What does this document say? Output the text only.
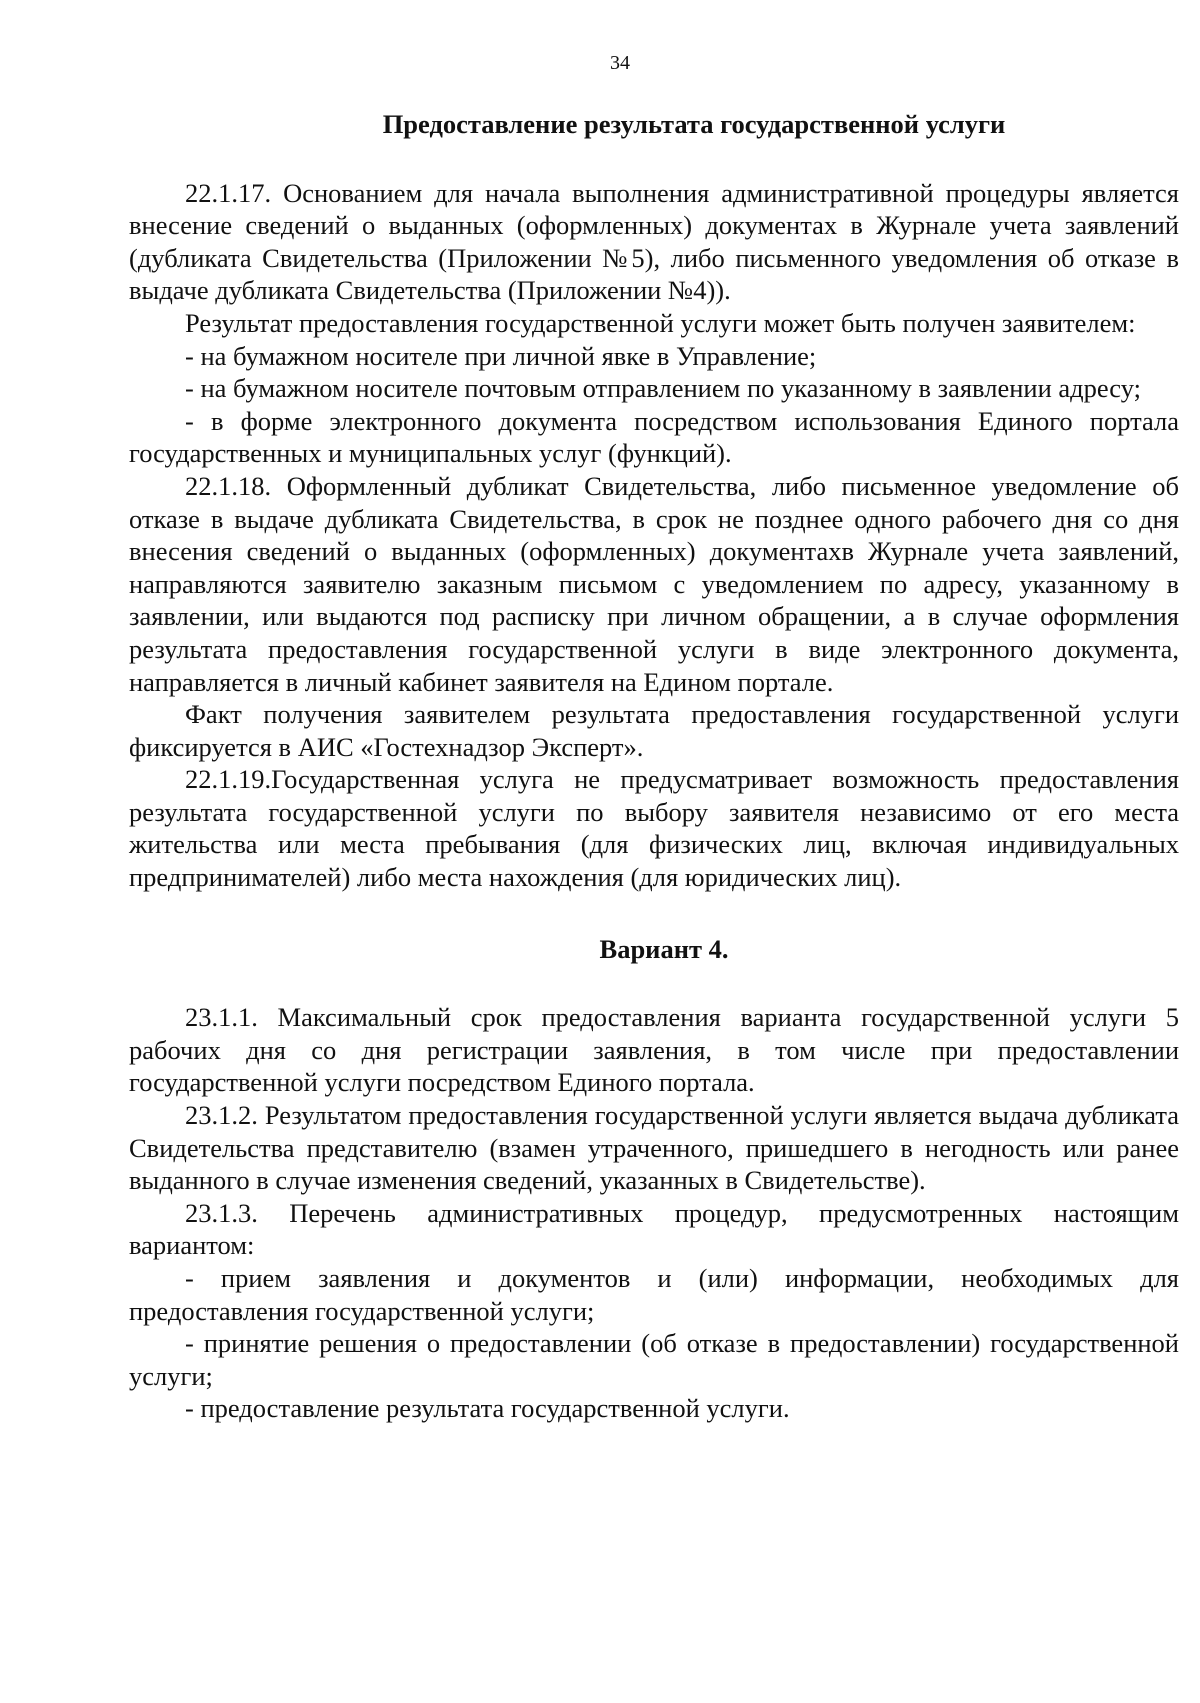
34
Предоставление результата государственной услуги

22.1.17. Основанием для начала выполнения административной процедуры является внесение сведений о выданных (оформленных) документах в Журнале учета заявлений (дубликата Свидетельства (Приложении №5), либо письменного уведомления об отказе в выдаче дубликата Свидетельства (Приложении №4)).

Результат предоставления государственной услуги может быть получен заявителем:

- на бумажном носителе при личной явке в Управление;

- на бумажном носителе почтовым отправлением по указанному в заявлении адресу;

- в форме электронного документа посредством использования Единого портала государственных и муниципальных услуг (функций).

22.1.18. Оформленный дубликат Свидетельства, либо письменное уведомление об отказе в выдаче дубликата Свидетельства, в срок не позднее одного рабочего дня со дня внесения сведений о выданных (оформленных) документахв Журнале учета заявлений, направляются заявителю заказным письмом с уведомлением по адресу, указанному в заявлении, или выдаются под расписку при личном обращении, а в случае оформления результата предоставления государственной услуги в виде электронного документа, направляется в личный кабинет заявителя на Едином портале.

Факт получения заявителем результата предоставления государственной услуги фиксируется в АИС «Гостехнадзор Эксперт».

22.1.19.Государственная услуга не предусматривает возможность предоставления результата государственной услуги по выбору заявителя независимо от его места жительства или места пребывания (для физических лиц, включая индивидуальных предпринимателей) либо места нахождения (для юридических лиц).

Вариант 4.

23.1.1. Максимальный срок предоставления варианта государственной услуги 5 рабочих дня со дня регистрации заявления, в том числе при предоставлении государственной услуги посредством Единого портала.

23.1.2. Результатом предоставления государственной услуги является выдача дубликата Свидетельства представителю (взамен утраченного, пришедшего в негодность или ранее выданного в случае изменения сведений, указанных в Свидетельстве).

23.1.3. Перечень административных процедур, предусмотренных настоящим вариантом:

- прием заявления и документов и (или) информации, необходимых для предоставления государственной услуги;

- принятие решения о предоставлении (об отказе в предоставлении) государственной услуги;

- предоставление результата государственной услуги.
